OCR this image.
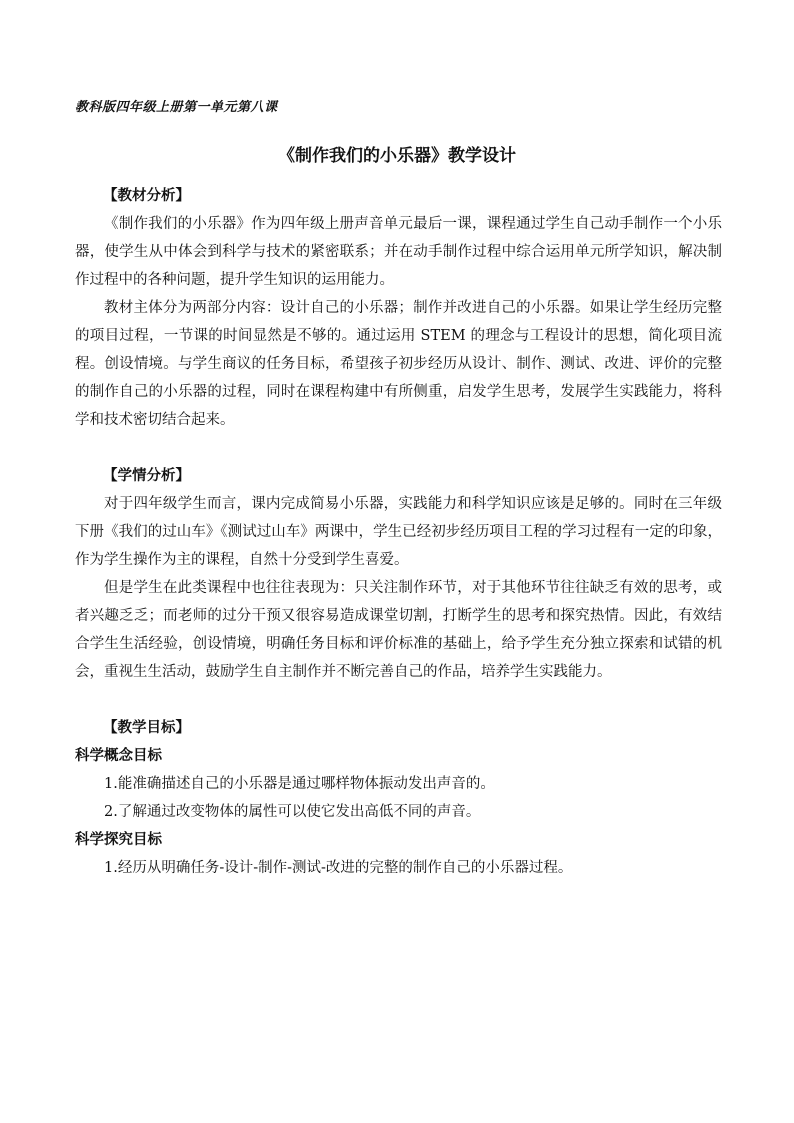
教科版四年级上册第一单元第八课
《制作我们的小乐器》教学设计

【教材分析】

《制作我们的小乐器》作为四年级上册声音单元最后一课，课程通过学生自己动手制作一个小乐器，使学生从中体会到科学与技术的紧密联系；并在动手制作过程中综合运用单元所学知识，解决制作过程中的各种问题，提升学生知识的运用能力。

教材主体分为两部分内容：设计自己的小乐器；制作并改进自己的小乐器。如果让学生经历完整的项目过程，一节课的时间显然是不够的。通过运用 STEM 的理念与工程设计的思想，简化项目流程。创设情境。与学生商议的任务目标，希望孩子初步经历从设计、制作、测试、改进、评价的完整的制作自己的小乐器的过程，同时在课程构建中有所侧重，启发学生思考，发展学生实践能力，将科学和技术密切结合起来。

【学情分析】

对于四年级学生而言，课内完成简易小乐器，实践能力和科学知识应该是足够的。同时在三年级下册《我们的过山车》《测试过山车》两课中，学生已经初步经历项目工程的学习过程有一定的印象，作为学生操作为主的课程，自然十分受到学生喜爱。

但是学生在此类课程中也往往表现为：只关注制作环节，对于其他环节往往缺乏有效的思考，或者兴趣乏乏；而老师的过分干预又很容易造成课堂切割，打断学生的思考和探究热情。因此，有效结合学生生活经验，创设情境，明确任务目标和评价标准的基础上，给予学生充分独立探索和试错的机会，重视生生活动，鼓励学生自主制作并不断完善自己的作品，培养学生实践能力。

【教学目标】

科学概念目标

1.能准确描述自己的小乐器是通过哪样物体振动发出声音的。

2.了解通过改变物体的属性可以使它发出高低不同的声音。

科学探究目标

1.经历从明确任务-设计-制作-测试-改进的完整的制作自己的小乐器过程。
